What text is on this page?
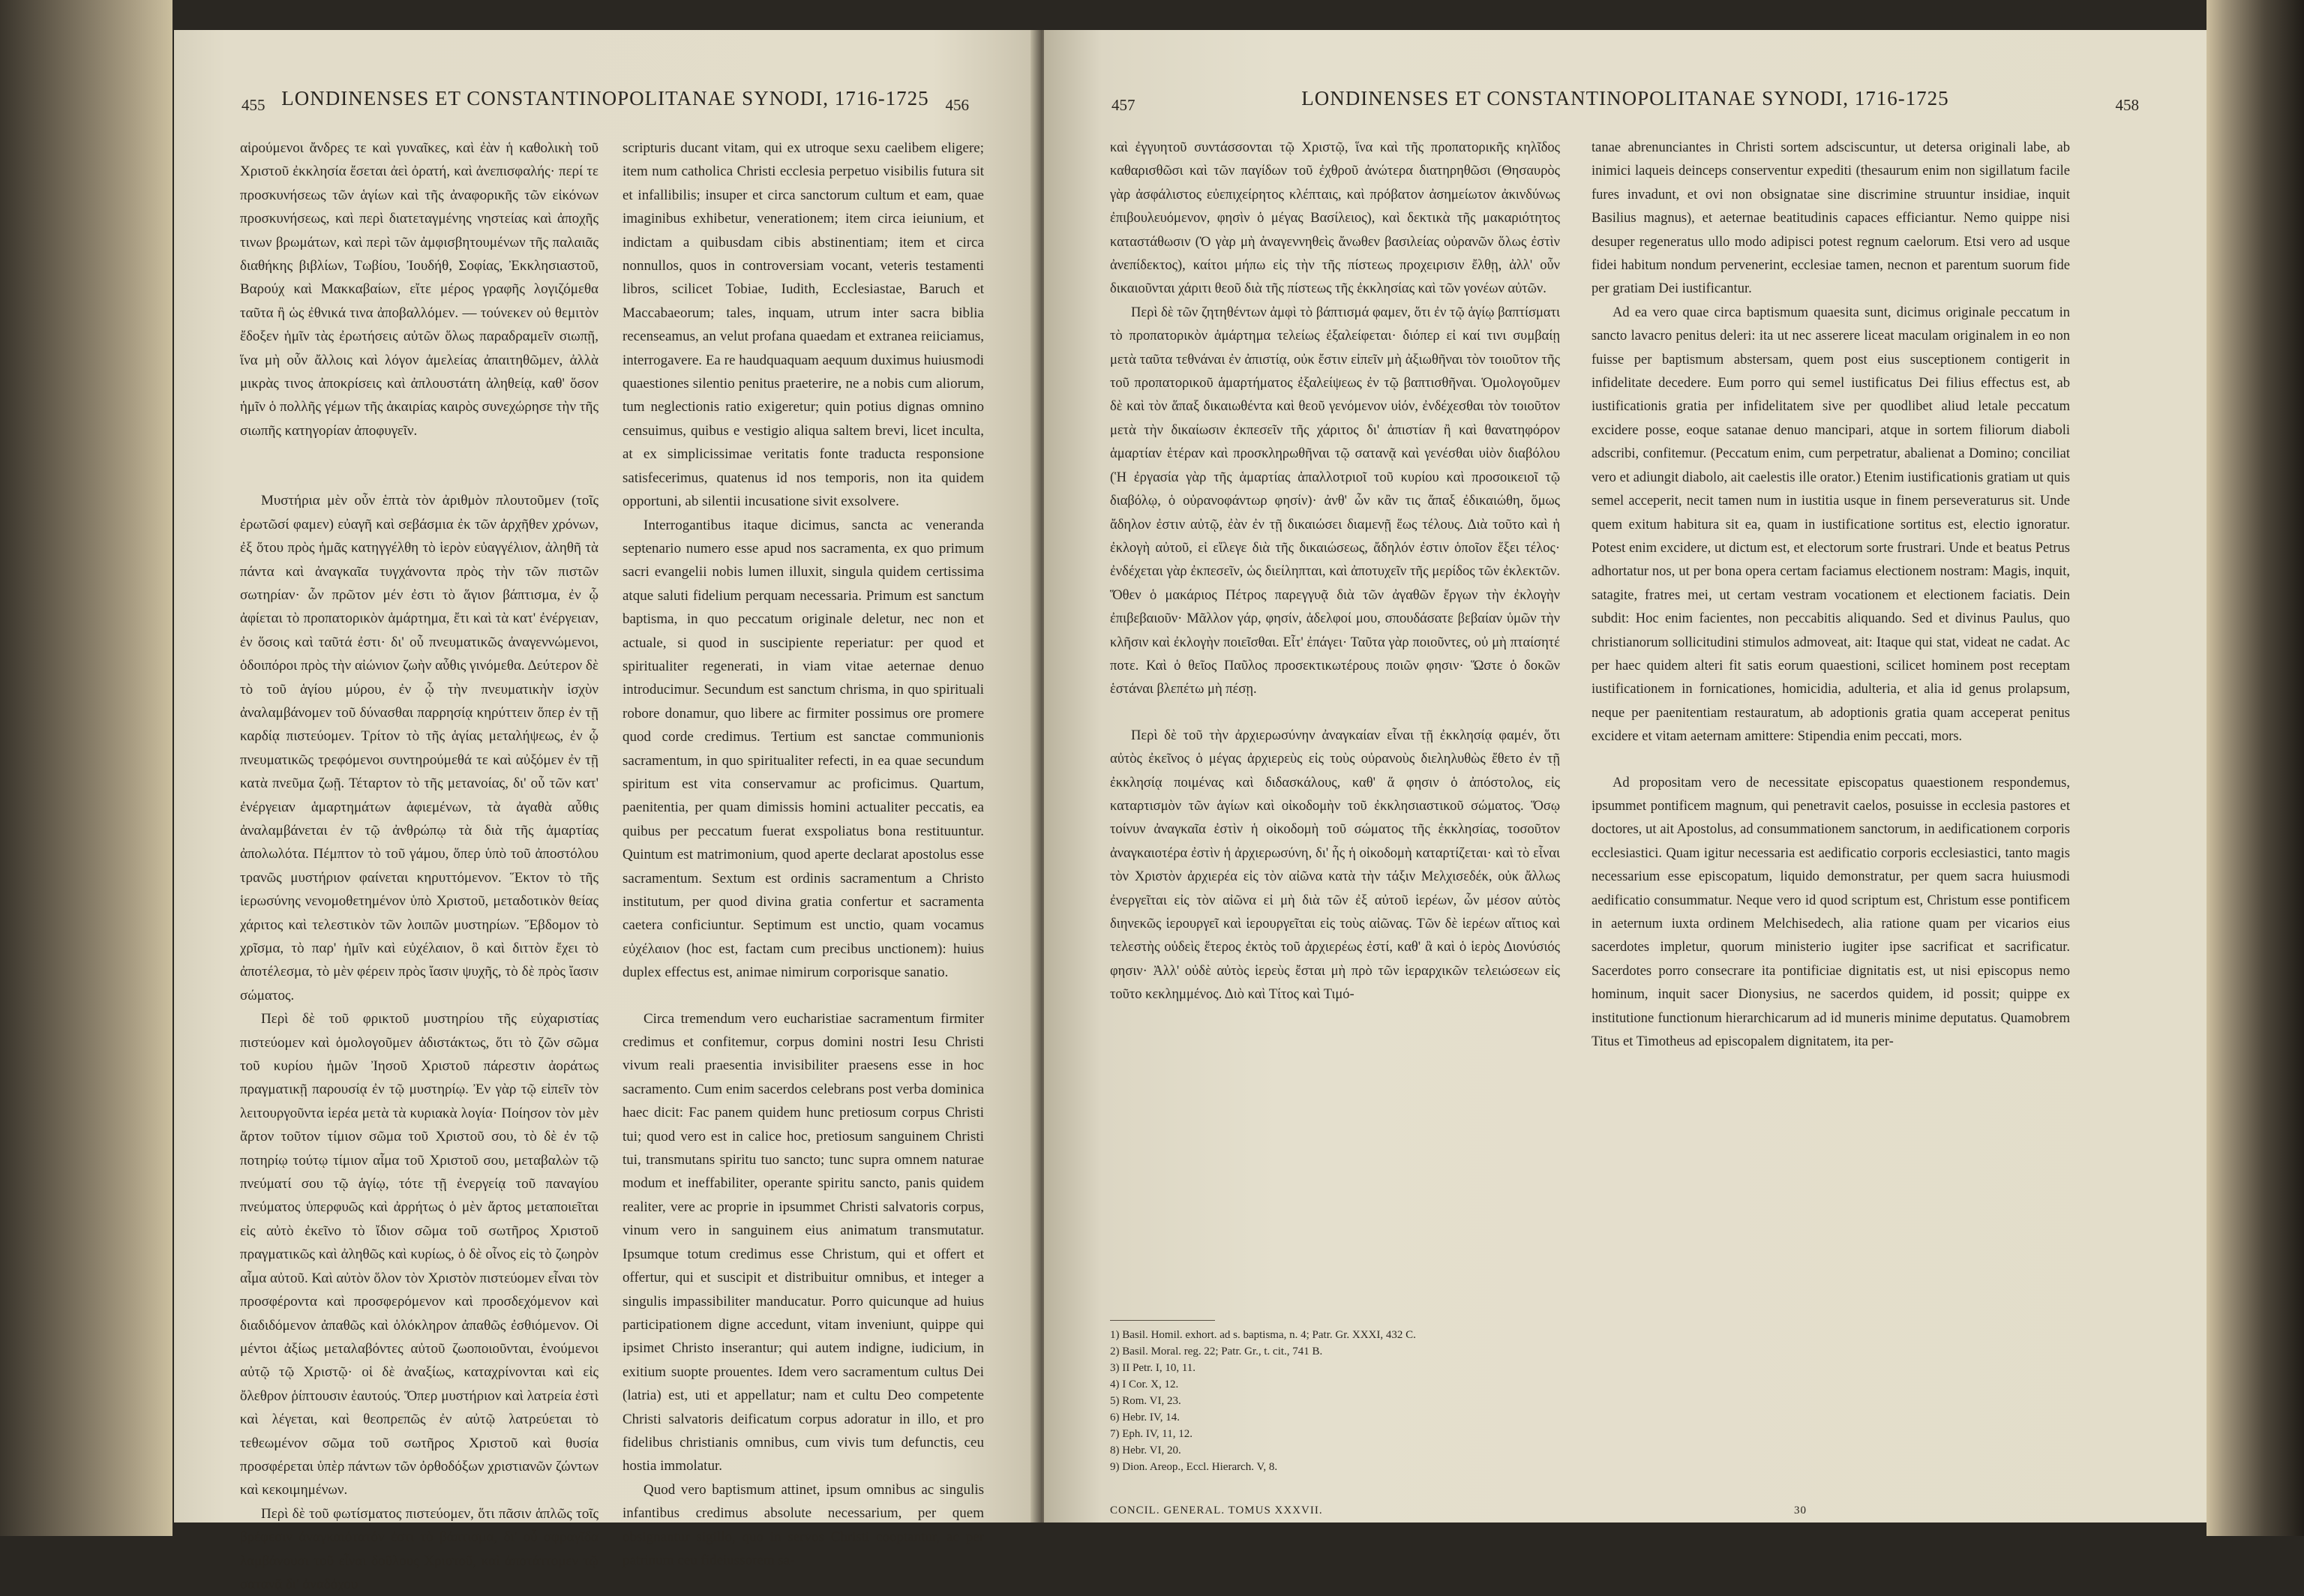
455 LONDINENSES ET CONSTANTINOPOLITANAE SYNODI, 1716-1725	456

αἱρούμενοι ἄνδρες τε καὶ γυναῖκες, καὶ ἐὰν ἡ καθολικὴ τοῦ Χριστοῦ ἐκκλησία ἔσεται ἀεὶ ὀρατή, καὶ ἀνεπισφαλής· περί τε προσκυνήσεως τῶν ἁγίων καὶ τῆς ἀναφορικῆς τῶν εἰκόνων προσκυνήσεως, καὶ περὶ διατεταγμένης νηστείας καὶ ἀποχῆς τινων βρωμάτων, καὶ περὶ τῶν ἀμφισβητουμένων τῆς παλαιᾶς διαθήκης βιβλίων, Τωβίου, Ἰουδήθ, Σοφίας, Ἐκκλησιαστοῦ, Βαρούχ καὶ Μακκαβαίων, εἴτε μέρος γραφῆς λογιζόμεθα ταῦτα ἢ ὡς ἐθνικά τινα ἀποβαλλόμεν. — τούνεκεν οὐ θεμιτὸν ἔδοξεν ἡμῖν τὰς ἐρωτήσεις αὐτῶν ὅλως παραδραμεῖν σιωπῇ, ἵνα μὴ οὖν ἄλλοις καὶ λόγον ἀμελείας ἀπαιτηθῶμεν, ἀλλὰ μικρὰς τινος ἀποκρίσεις καὶ ἀπλουστάτη ἀληθείᾳ, καθ' ὅσον ἡμῖν ὁ πολλῆς γέμων τῆς ἀκαιρίας καιρὸς συνεχώρησε τὴν τῆς σιωπῆς κατηγορίαν ἀποφυγεῖν.

Μυστήρια μὲν οὖν ἑπτὰ τὸν ἀριθμὸν πλουτοῦμεν (τοῖς ἐρωτῶσί φαμεν) εὐαγῆ καὶ σεβάσμια ἐκ τῶν ἀρχῆθεν χρόνων, ἐξ ὅτου πρὸς ἡμᾶς κατηγγέλθη τὸ ἱερὸν εὐαγγέλιον, ἀληθῆ τὰ πάντα καὶ ἀναγκαῖα τυγχάνοντα πρὸς τὴν τῶν πιστῶν σωτηρίαν· ὧν πρῶτον μέν ἐστι τὸ ἅγιον βάπτισμα, ἐν ᾧ ἀφίεται τὸ προπατορικὸν ἁμάρτημα, ἔτι καὶ τὰ κατ' ἐνέργειαν, ἐν ὅσοις καὶ ταῦτά ἐστι· δι' οὗ πνευματικῶς ἀναγεννώμενοι, ὁδοιπόροι πρὸς τὴν αἰώνιον ζωὴν αὖθις γινόμεθα. Δεύτερον δὲ τὸ τοῦ ἁγίου μύρου, ἐν ᾧ τὴν πνευματικὴν ἰσχὺν ἀναλαμβάνομεν τοῦ δύνασθαι παρρησίᾳ κηρύττειν ὅπερ ἐν τῇ καρδίᾳ πιστεύομεν. Τρίτον τὸ τῆς ἁγίας μεταλήψεως, ἐν ᾧ πνευματικῶς τρεφόμενοι συντηρούμεθά τε καὶ αὐξόμεν ἐν τῇ κατὰ πνεῦμα ζωῇ. Τέταρτον τὸ τῆς μετανοίας, δι' οὗ τῶν κατ' ἐνέργειαν ἁμαρτημάτων ἀφιεμένων, τὰ ἀγαθὰ αὖθις ἀναλαμβάνεται ἐν τῷ ἀνθρώπῳ τὰ διὰ τῆς ἁμαρτίας ἀπολωλότα. Πέμπτον τὸ τοῦ γάμου, ὅπερ ὑπὸ τοῦ ἀποστόλου τρανῶς μυστήριον φαίνεται κηρυττόμενον. Ἕκτον τὸ τῆς ἱερωσύνης νενομοθετημένον ὑπὸ Χριστοῦ, μεταδοτικὸν θείας χάριτος καὶ τελεστικὸν τῶν λοιπῶν μυστηρίων. Ἕβδομον τὸ χρῖσμα, τὸ παρ' ἡμῖν καὶ εὐχέλαιον, ὃ καὶ διττὸν ἔχει τὸ ἀποτέλεσμα, τὸ μὲν φέρειν πρὸς ἴασιν ψυχῆς, τὸ δὲ πρὸς ἴασιν σώματος.

Περὶ δὲ τοῦ φρικτοῦ μυστηρίου τῆς εὐχαριστίας πιστεύομεν καὶ ὁμολογοῦμεν ἀδιστάκτως, ὅτι τὸ ζῶν σῶμα τοῦ κυρίου ἡμῶν Ἰησοῦ Χριστοῦ πάρεστιν ἀοράτως πραγματικῇ παρουσίᾳ ἐν τῷ μυστηρίῳ. Ἐν γὰρ τῷ εἰπεῖν τὸν λειτουργοῦντα ἱερέα μετὰ τὰ κυριακὰ λογία· Ποίησον τὸν μὲν ἄρτον τοῦτον τίμιον σῶμα τοῦ Χριστοῦ σου, τὸ δὲ ἐν τῷ ποτηρίῳ τούτῳ τίμιον αἷμα τοῦ Χριστοῦ σου, μεταβαλὼν τῷ πνεύματί σου τῷ ἁγίῳ, τότε τῇ ἐνεργείᾳ τοῦ παναγίου πνεύματος ὑπερφυῶς καὶ ἀρρήτως ὁ μὲν ἄρτος μεταποιεῖται εἰς αὐτὸ ἐκεῖνο τὸ ἴδιον σῶμα τοῦ σωτῆρος Χριστοῦ πραγματικῶς καὶ ἀληθῶς καὶ κυρίως, ὁ δὲ οἶνος εἰς τὸ ζωηρὸν αἷμα αὐτοῦ. Καὶ αὐτὸν ὅλον τὸν Χριστὸν πιστεύομεν εἶναι τὸν προσφέροντα καὶ προσφερόμενον καὶ προσδεχόμενον καὶ διαδιδόμενον ἀπαθῶς καὶ ὁλόκληρον ἀπαθῶς ἐσθιόμενον. Οἱ μέντοι ἀξίως μεταλαβόντες αὐτοῦ ζωοποιοῦνται, ἑνούμενοι αὐτῷ τῷ Χριστῷ· οἱ δὲ ἀναξίως, καταχρίνονται καὶ εἰς ὄλεθρον ῥίπτουσιν ἑαυτούς. Ὅπερ μυστήριον καὶ λατρεία ἐστὶ καὶ λέγεται, καὶ θεοπρεπῶς ἐν αὐτῷ λατρεύεται τὸ τεθεωμένον σῶμα τοῦ σωτῆρος Χριστοῦ καὶ θυσία προσφέρεται ὑπὲρ πάντων τῶν ὀρθοδόξων χριστιανῶν ζώντων καὶ κεκοιμημένων.

Περὶ δὲ τοῦ φωτίσματος πιστεύομεν, ὅτι πᾶσιν ἁπλῶς τοῖς βρέφεσιν ἀναγκαιότατόν ἐστι τὸ βάπτισμα, δι' οὗ σφραγῖδα λαμβάνουσι τοῦ εἶναι δοῦλους Χριστοῦ, καὶ ἀποτάττομεν τῷ σατανᾷ δι' ἀναδόχου

scripturis ducant vitam, qui ex utroque sexu caelibem eligere; item num catholica Christi ecclesia perpetuo visibilis futura sit et infallibilis; insuper et circa sanctorum cultum et eam, quae imaginibus exhibetur, venerationem; item circa ieiunium, et indictam a quibusdam cibis abstinentiam; item et circa nonnullos, quos in controversiam vocant, veteris testamenti libros, scilicet Tobiae, Iudith, Ecclesiastae, Baruch et Maccabaeorum; tales, inquam, utrum inter sacra biblia recenseamus, an velut profana quaedam et extranea reiiciamus, interrogavere. Ea re haudquaquam aequum duximus huiusmodi quaestiones silentio penitus praeterire, ne a nobis cum aliorum, tum neglectionis ratio exigeretur; quin potius dignas omnino censuimus, quibus e vestigio aliqua saltem brevi, licet inculta, at ex simplicissimae veritatis fonte traducta responsione satisfecerimus, quatenus id nos temporis, non ita quidem opportuni, ab silentii incusatione sivit exsolvere.

Interrogantibus itaque dicimus, sancta ac veneranda septenario numero esse apud nos sacramenta, ex quo primum sacri evangelii nobis lumen illuxit, singula quidem certissima atque saluti fidelium perquam necessaria. Primum est sanctum baptisma, in quo peccatum originale deletur, nec non et actuale, si quod in suscipiente reperiatur: per quod et spiritualiter regenerati, in viam vitae aeternae denuo introducimur. Secundum est sanctum chrisma, in quo spirituali robore donamur, quo libere ac firmiter possimus ore promere quod corde credimus. Tertium est sanctae communionis sacramentum, in quo spiritualiter refecti, in ea quae secundum spiritum est vita conservamur ac proficimus. Quartum, paenitentia, per quam dimissis homini actualiter peccatis, ea quibus per peccatum fuerat exspoliatus bona restituuntur. Quintum est matrimonium, quod aperte declarat apostolus esse sacramentum. Sextum est ordinis sacramentum a Christo institutum, per quod divina gratia confertur et sacramenta caetera conficiuntur. Septimum est unctio, quam vocamus εὐχέλαιον (hoc est, factam cum precibus unctionem): huius duplex effectus est, animae nimirum corporisque sanatio.

Circa tremendum vero eucharistiae sacramentum firmiter credimus et confitemur, corpus domini nostri Iesu Christi vivum reali praesentia invisibiliter praesens esse in hoc sacramento. Cum enim sacerdos celebrans post verba dominica haec dicit: Fac panem quidem hunc pretiosum corpus Christi tui; quod vero est in calice hoc, pretiosum sanguinem Christi tui, transmutans spiritu tuo sancto; tunc supra omnem naturae modum et ineffabiliter, operante spiritu sancto, panis quidem realiter, vere ac proprie in ipsummet Christi salvatoris corpus, vinum vero in sanguinem eius animatum transmutatur. Ipsumque totum credimus esse Christum, qui et offert et offertur, qui et suscipit et distribuitur omnibus, et integer a singulis impassibiliter manducatur. Porro quicunque ad huius participationem digne accedunt, vitam inveniunt, quippe qui ipsimet Christo inserantur; qui autem indigne, iudicium, in exitium suopte prouentes. Idem vero sacramentum cultus Dei (latria) est, uti et appellatur; nam et cultu Deo competente Christi salvatoris deificatum corpus adoratur in illo, et pro fidelibus christianis omnibus, cum vivis tum defunctis, ceu hostia immolatur.

Quod vero baptismum attinet, ipsum omnibus ac singulis infantibus credimus absolute necessarium, per quem obsignantur sigillo, quo in servos Christi cooptantur, ac per patrinum ceu fideiussorem sa-

457	LONDINENSES ET CONSTANTINOPOLITANAE SYNODI, 1716-1725	458

καὶ ἐγγυητοῦ συντάσσονται τῷ Χριστῷ, ἵνα καὶ τῆς προπατορικῆς κηλῖδος καθαρισθῶσι καὶ τῶν παγίδων τοῦ ἐχθροῦ ἀνώτερα διατηρηθῶσι (Θησαυρὸς γὰρ ἀσφάλιστος εὐεπιχείρητος κλέπταις, καὶ πρόβατον ἀσημείωτον ἀκινδύνως ἐπιβουλευόμενον, φησὶν ὁ μέγας Βασίλειος), καὶ δεκτικὰ τῆς μακαριότητος καταστάθωσιν (Ὁ γὰρ μὴ ἀναγεννηθεὶς ἄνωθεν βασιλείας οὐρανῶν ὅλως ἐστὶν ἀνεπίδεκτος), καίτοι μήπω εἰς τὴν τῆς πίστεως προχειρισιν ἔλθῃ, ἀλλ' οὖν δικαιοῦνται χάριτι θεοῦ διὰ τῆς πίστεως τῆς ἐκκλησίας καὶ τῶν γονέων αὐτῶν.

Περὶ δὲ τῶν ζητηθέντων ἀμφὶ τὸ βάπτισμά φαμεν, ὅτι ἐν τῷ ἁγίῳ βαπτίσματι τὸ προπατορικὸν ἁμάρτημα τελείως ἐξαλείφεται· διόπερ εἰ καί τινι συμβαίῃ μετὰ ταῦτα τεθνάναι ἐν ἀπιστίᾳ, οὐκ ἔστιν εἰπεῖν μὴ ἀξιωθῆναι τὸν τοιοῦτον τῆς τοῦ προπατορικοῦ ἁμαρτήματος ἐξαλείψεως ἐν τῷ βαπτισθῆναι. Ὁμολογοῦμεν δὲ καὶ τὸν ἅπαξ δικαιωθέντα καὶ θεοῦ γενόμενον υἱόν, ἐνδέχεσθαι τὸν τοιοῦτον μετὰ τὴν δικαίωσιν ἐκπεσεῖν τῆς χάριτος δι' ἀπιστίαν ἢ καὶ θανατηφόρον ἁμαρτίαν ἑτέραν καὶ προσκληρωθῆναι τῷ σατανᾷ καὶ γενέσθαι υἱὸν διαβόλου (Ἡ ἐργασία γὰρ τῆς ἁμαρτίας ἀπαλλοτριοῖ τοῦ κυρίου καὶ προσοικειοῖ τῷ διαβόλῳ, ὁ οὐρανοφάντωρ φησίν)· ἀνθ' ὧν κἂν τις ἅπαξ ἐδικαιώθη, ὅμως ἄδηλον ἐστιν αὐτῷ, ἐὰν ἐν τῇ δικαιώσει διαμενῇ ἕως τέλους. Διὰ τοῦτο καὶ ἡ ἐκλογὴ αὐτοῦ, εἰ εἴλεγε διὰ τῆς δικαιώσεως, ἄδηλόν ἐστιν ὁποῖον ἕξει τέλος· ἐνδέχεται γὰρ ἐκπεσεῖν, ὡς διείληπται, καὶ ἀποτυχεῖν τῆς μερίδος τῶν ἐκλεκτῶν. Ὅθεν ὁ μακάριος Πέτρος παρεγγυᾷ διὰ τῶν ἀγαθῶν ἔργων τὴν ἐκλογὴν ἐπιβεβαιοῦν· Μᾶλλον γάρ, φησίν, ἀδελφοί μου, σπουδάσατε βεβαίαν ὑμῶν τὴν κλῆσιν καὶ ἐκλογὴν ποιεῖσθαι. Εἶτ' ἐπάγει· Ταῦτα γὰρ ποιοῦντες, οὐ μὴ πταίσητέ ποτε. Καὶ ὁ θεῖος Παῦλος προσεκτικωτέρους ποιῶν φησιν· Ὥστε ὁ δοκῶν ἑστάναι βλεπέτω μὴ πέσῃ.

Περὶ δὲ τοῦ τὴν ἀρχιερωσύνην ἀναγκαίαν εἶναι τῇ ἐκκλησίᾳ φαμέν, ὅτι αὐτὸς ἐκεῖνος ὁ μέγας ἀρχιερεὺς εἰς τοὺς οὐρανοὺς διεληλυθὼς ἔθετο ἐν τῇ ἐκκλησίᾳ ποιμένας καὶ διδασκάλους, καθ' ἅ φησιν ὁ ἀπόστολος, εἰς καταρτισμὸν τῶν ἁγίων καὶ οἰκοδομὴν τοῦ ἐκκλησιαστικοῦ σώματος. Ὅσῳ τοίνυν ἀναγκαῖα ἐστὶν ἡ οἰκοδομὴ τοῦ σώματος τῆς ἐκκλησίας, τοσοῦτον ἀναγκαιοτέρα ἐστὶν ἡ ἀρχιερωσύνη, δι' ἧς ἡ οἰκοδομὴ καταρτίζεται· καὶ τὸ εἶναι τὸν Χριστὸν ἀρχιερέα εἰς τὸν αἰῶνα κατὰ τὴν τάξιν Μελχισεδέκ, οὐκ ἄλλως ἐνεργεῖται εἰς τὸν αἰῶνα εἰ μὴ διὰ τῶν ἐξ αὐτοῦ ἱερέων, ὧν μέσον αὐτὸς διηνεκῶς ἱερουργεῖ καὶ ἱερουργεῖται εἰς τοὺς αἰῶνας. Τῶν δὲ ἱερέων αἴτιος καὶ τελεστὴς οὐδεὶς ἕτερος ἐκτὸς τοῦ ἀρχιερέως ἐστί, καθ' ἃ καὶ ὁ ἱερὸς Διονύσιός φησιν· Ἀλλ' οὐδὲ αὐτὸς ἱερεὺς ἔσται μὴ πρὸ τῶν ἱεραρχικῶν τελειώσεων εἰς τοῦτο κεκλημμένος. Διὸ καὶ Τίτος καὶ Τιμό-

1) Basil. Homil. exhort. ad s. baptisma, n. 4; Patr. Gr. XXXI, 432 C.
2) Basil. Moral. reg. 22; Patr. Gr., t. cit., 741 B.
3) II Petr. I, 10, 11.
4) I Cor. X, 12.
5) Rom. VI, 23.
6) Hebr. IV, 14.
7) Eph. IV, 11, 12.
8) Hebr. VI, 20.
9) Dion. Areop., Eccl. Hierarch. V, 8.
CONCIL. GENERAL. TOMUS XXXVII.

tanae abrenunciantes in Christi sortem adsciscuntur, ut detersa originali labe, ab inimici laqueis deinceps conserventur expediti (thesaurum enim non sigillatum facile fures invadunt, et ovi non obsignatae sine discrimine struuntur insidiae, inquit Basilius magnus), et aeternae beatitudinis capaces efficiantur. Nemo quippe nisi desuper regeneratus ullo modo adipisci potest regnum caelorum. Etsi vero ad usque fidei habitum nondum pervenerint, ecclesiae tamen, necnon et parentum suorum fide per gratiam Dei iustificantur.

Ad ea vero quae circa baptismum quaesita sunt, dicimus originale peccatum in sancto lavacro penitus deleri: ita ut nec asserere liceat maculam originalem in eo non fuisse per baptismum abstersam, quem post eius susceptionem contigerit in infidelitate decedere. Eum porro qui semel iustificatus Dei filius effectus est, ab iustificationis gratia per infidelitatem sive per quodlibet aliud letale peccatum excidere posse, eoque satanae denuo mancipari, atque in sortem filiorum diaboli adscribi, confitemur. (Peccatum enim, cum perpetratur, abalienat a Domino; conciliat vero et adiungit diabolo, ait caelestis ille orator.) Etenim iustificationis gratiam ut quis semel acceperit, necit tamen num in iustitia usque in finem perseveraturus sit. Unde quem exitum habitura sit ea, quam in iustificatione sortitus est, electio ignoratur. Potest enim excidere, ut dictum est, et electorum sorte frustrari. Unde et beatus Petrus adhortatur nos, ut per bona opera certam faciamus electionem nostram: Magis, inquit, satagite, fratres mei, ut certam vestram vocationem et electionem faciatis. Dein subdit: Hoc enim facientes, non peccabitis aliquando. Sed et divinus Paulus, quo christianorum sollicitudini stimulos admoveat, ait: Itaque qui stat, videat ne cadat. Ac per haec quidem alteri fit satis eorum quaestioni, scilicet hominem post receptam iustificationem in fornicationes, homicidia, adulteria, et alia id genus prolapsum, neque per paenitentiam restauratum, ab adoptionis gratia quam acceperat penitus excidere et vitam aeternam amittere: Stipendia enim peccati, mors.

Ad propositam vero de necessitate episcopatus quaestionem respondemus, ipsummet pontificem magnum, qui penetravit caelos, posuisse in ecclesia pastores et doctores, ut ait Apostolus, ad consummationem sanctorum, in aedificationem corporis ecclesiastici. Quam igitur necessaria est aedificatio corporis ecclesiastici, tanto magis necessarium esse episcopatum, liquido demonstratur, per quem sacra huiusmodi aedificatio consummatur. Neque vero id quod scriptum est, Christum esse pontificem in aeternum iuxta ordinem Melchisedech, alia ratione quam per vicarios eius sacerdotes impletur, quorum ministerio iugiter ipse sacrificat et sacrificatur. Sacerdotes porro consecrare ita pontificiae dignitatis est, ut nisi episcopus nemo hominum, inquit sacer Dionysius, ne sacerdos quidem, id possit; quippe ex institutione functionum hierarchicarum ad id muneris minime deputatus. Quamobrem Titus et Timotheus ad episcopalem dignitatem, ita per-

30
